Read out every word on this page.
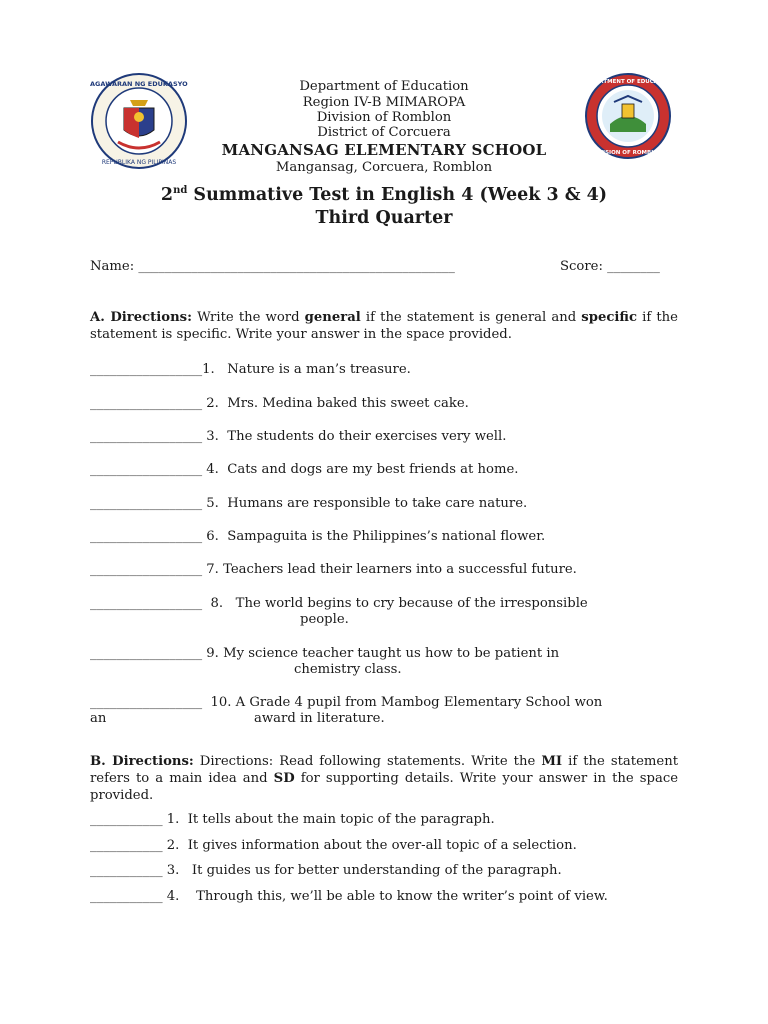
KAGAWARAN NG EDUKASYON
REPUBLIKA NG PILIPINAS
DEPARTMENT OF EDUCATION
DIVISION OF ROMBLON
Department of Education
Region IV-B MIMAROPA
Division of Romblon
District of Corcuera
MANGANSAG ELEMENTARY SCHOOL
Mangansag, Corcuera, Romblon
2nd Summative Test in English 4 (Week 3 & 4)
Third Quarter
Name: ________________________________________________	Score: ________
A. Directions: Write the word general if the statement is general and specific if the statement is specific. Write your answer in the space provided.
_________________1. Nature is a man’s treasure.
_________________ 2. Mrs. Medina baked this sweet cake.
_________________ 3. The students do their exercises very well.
_________________ 4. Cats and dogs are my best friends at home.
_________________ 5. Humans are responsible to take care nature.
_________________ 6. Sampaguita is the Philippines’s national flower.
_________________ 7. Teachers lead their learners into a successful future.
_________________ 8. The world begins to cry because of the irresponsible
people.
_________________ 9. My science teacher taught us how to be patient in
chemistry class.
_________________ 10. A Grade 4 pupil from Mambog Elementary School won
an	award in literature.
B. Directions: Directions: Read following statements. Write the MI if the statement refers to a main idea and SD for supporting details. Write your answer in the space provided.
___________ 1. It tells about the main topic of the paragraph.
___________ 2. It gives information about the over-all topic of a selection.
___________ 3. It guides us for better understanding of the paragraph.
___________ 4. Through this, we’ll be able to know the writer’s point of view.
